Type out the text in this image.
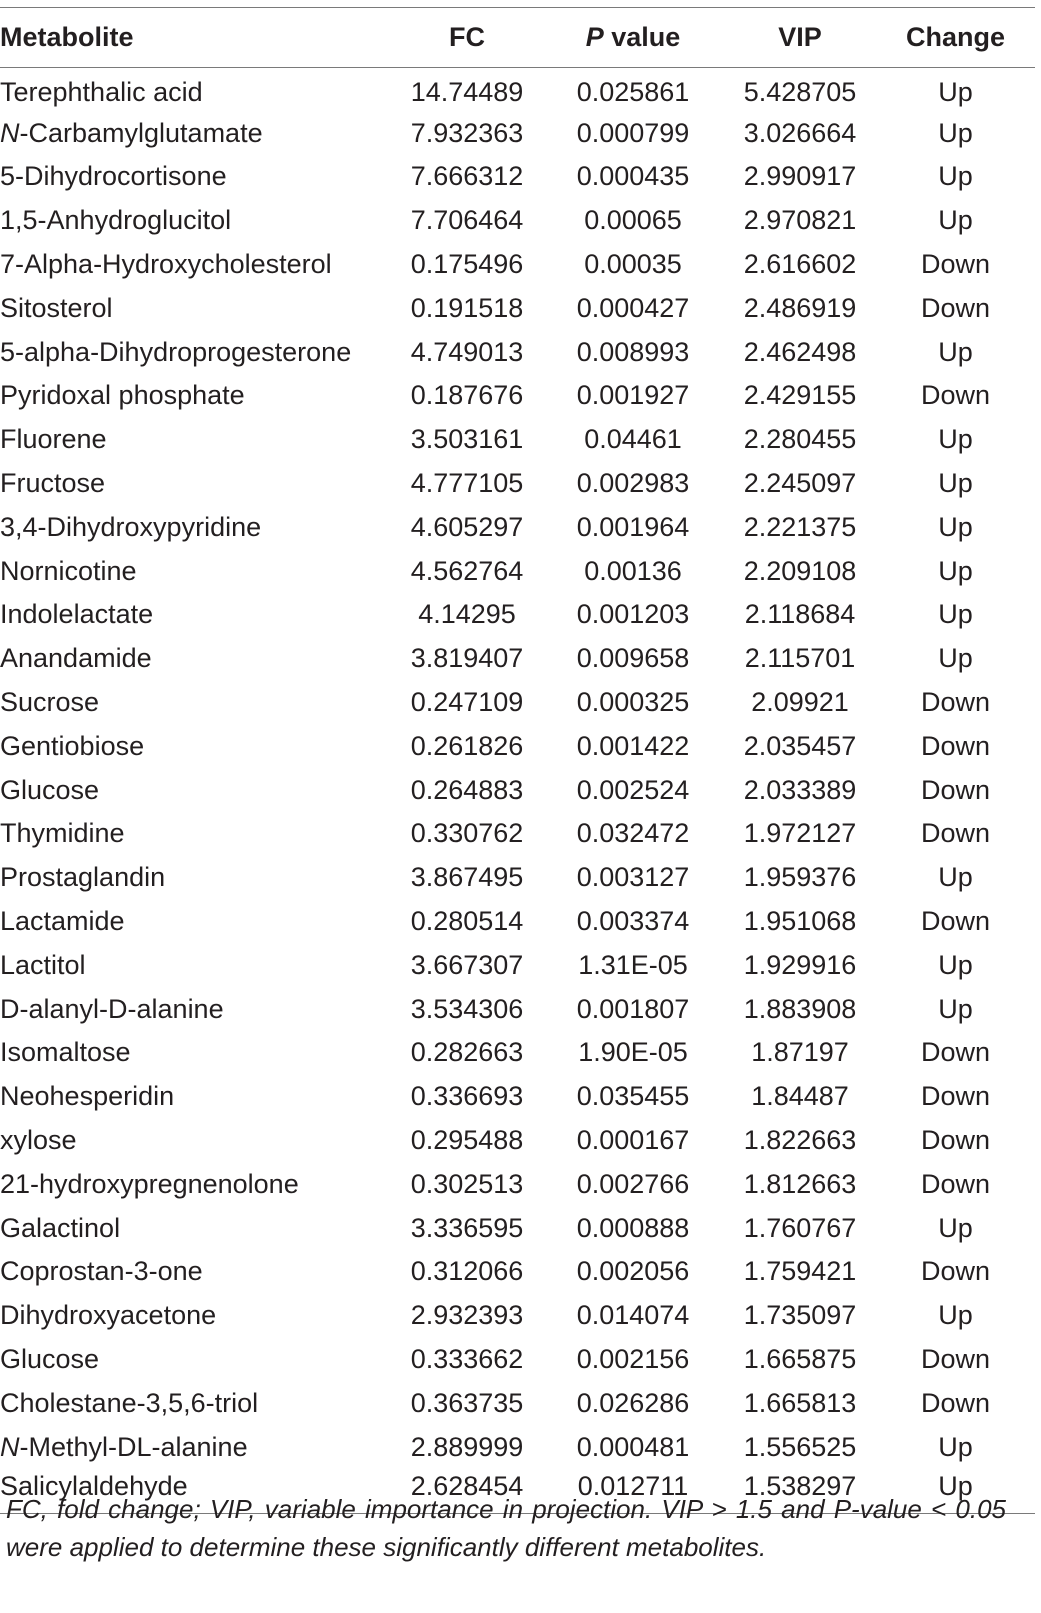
Metabolite	FC	P value	VIP	Change
Terephthalic acid	14.74489	0.025861	5.428705	Up
N-Carbamylglutamate	7.932363	0.000799	3.026664	Up
5-Dihydrocortisone	7.666312	0.000435	2.990917	Up
1,5-Anhydroglucitol	7.706464	0.00065	2.970821	Up
7-Alpha-Hydroxycholesterol	0.175496	0.00035	2.616602	Down
Sitosterol	0.191518	0.000427	2.486919	Down
5-alpha-Dihydroprogesterone	4.749013	0.008993	2.462498	Up
Pyridoxal phosphate	0.187676	0.001927	2.429155	Down
Fluorene	3.503161	0.04461	2.280455	Up
Fructose	4.777105	0.002983	2.245097	Up
3,4-Dihydroxypyridine	4.605297	0.001964	2.221375	Up
Nornicotine	4.562764	0.00136	2.209108	Up
Indolelactate	4.14295	0.001203	2.118684	Up
Anandamide	3.819407	0.009658	2.115701	Up
Sucrose	0.247109	0.000325	2.09921	Down
Gentiobiose	0.261826	0.001422	2.035457	Down
Glucose	0.264883	0.002524	2.033389	Down
Thymidine	0.330762	0.032472	1.972127	Down
Prostaglandin	3.867495	0.003127	1.959376	Up
Lactamide	0.280514	0.003374	1.951068	Down
Lactitol	3.667307	1.31E-05	1.929916	Up
D-alanyl-D-alanine	3.534306	0.001807	1.883908	Up
Isomaltose	0.282663	1.90E-05	1.87197	Down
Neohesperidin	0.336693	0.035455	1.84487	Down
xylose	0.295488	0.000167	1.822663	Down
21-hydroxypregnenolone	0.302513	0.002766	1.812663	Down
Galactinol	3.336595	0.000888	1.760767	Up
Coprostan-3-one	0.312066	0.002056	1.759421	Down
Dihydroxyacetone	2.932393	0.014074	1.735097	Up
Glucose	0.333662	0.002156	1.665875	Down
Cholestane-3,5,6-triol	0.363735	0.026286	1.665813	Down
N-Methyl-DL-alanine	2.889999	0.000481	1.556525	Up
Salicylaldehyde	2.628454	0.012711	1.538297	Up
FC, fold change; VIP, variable importance in projection. VIP > 1.5 and P-value < 0.05 were applied to determine these significantly different metabolites.
